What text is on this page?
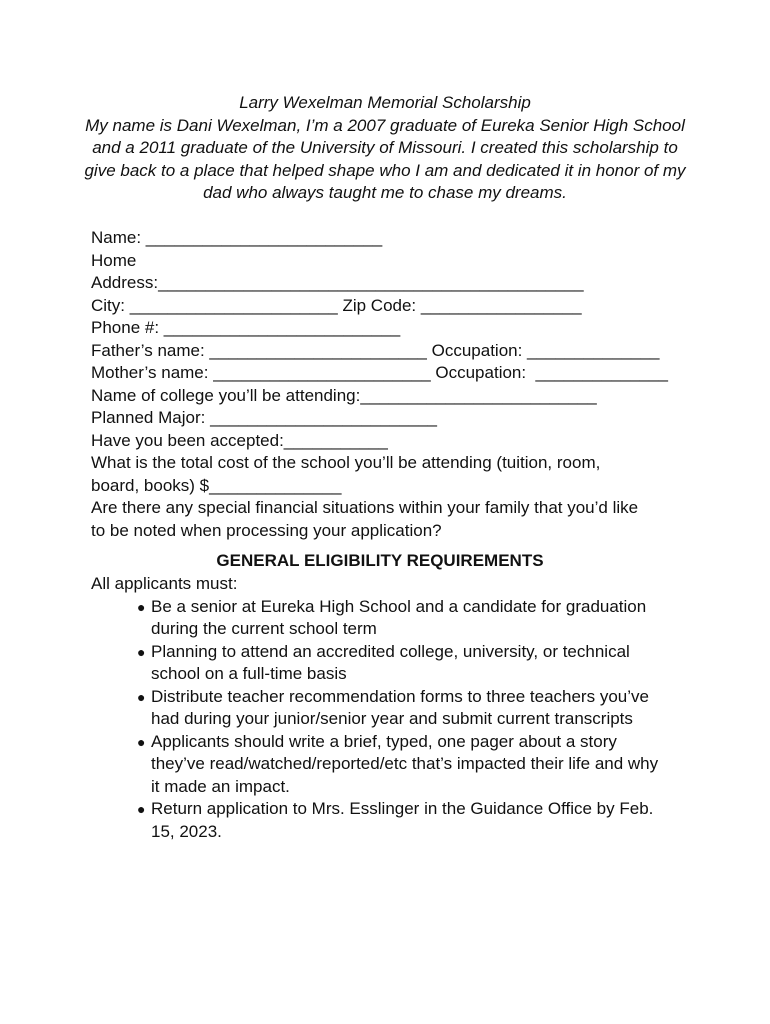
Larry Wexelman Memorial Scholarship
My name is Dani Wexelman, I’m a 2007 graduate of Eureka Senior High School and a 2011 graduate of the University of Missouri. I created this scholarship to give back to a place that helped shape who I am and dedicated it in honor of my dad who always taught me to chase my dreams.
Name: _________________________
Home
Address:_____________________________________________
City: ______________________ Zip Code: _________________
Phone #: _________________________
Father’s name: _______________________ Occupation: ______________
Mother’s name: _______________________ Occupation:  ______________
Name of college you’ll be attending:_________________________
Planned Major: ________________________
Have you been accepted:___________
What is the total cost of the school you’ll be attending (tuition, room,
board, books) $______________
Are there any special financial situations within your family that you’d like
to be noted when processing your application?
GENERAL ELIGIBILITY REQUIREMENTS
All applicants must:
● Be a senior at Eureka High School and a candidate for graduation during the current school term
● Planning to attend an accredited college, university, or technical school on a full-time basis
● Distribute teacher recommendation forms to three teachers you’ve had during your junior/senior year and submit current transcripts
● Applicants should write a brief, typed, one pager about a story they’ve read/watched/reported/etc that’s impacted their life and why it made an impact.
● Return application to Mrs. Esslinger in the Guidance Office by Feb. 15, 2023.
